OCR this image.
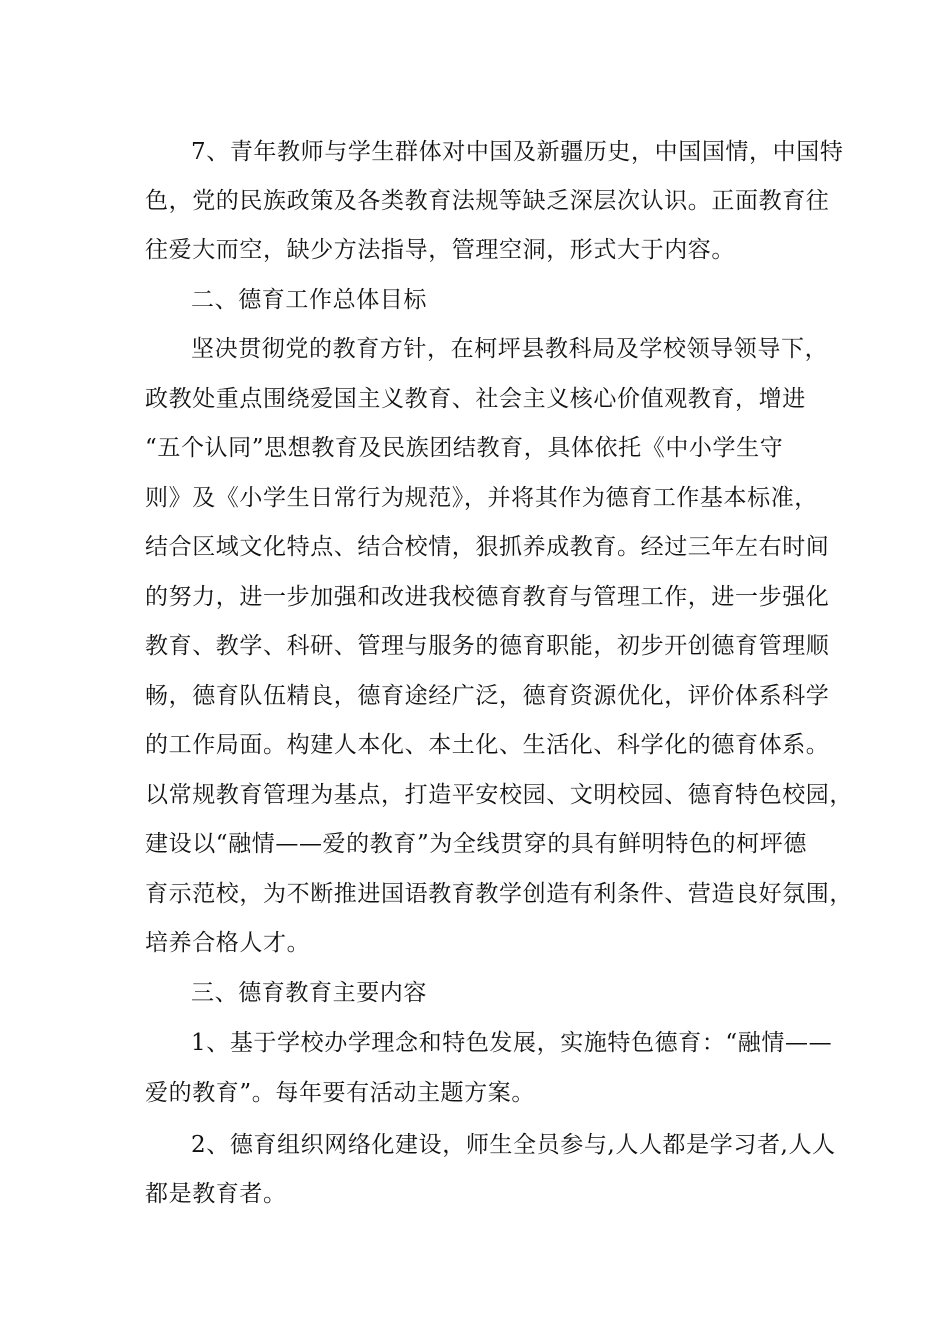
7、青年教师与学生群体对中国及新疆历史，中国国情，中国特
色，党的民族政策及各类教育法规等缺乏深层次认识。正面教育往
往爱大而空，缺少方法指导，管理空洞，形式大于内容。
二、德育工作总体目标
坚决贯彻党的教育方针，在柯坪县教科局及学校领导领导下，
政教处重点围绕爱国主义教育、社会主义核心价值观教育，增进
“五个认同”思想教育及民族团结教育，具体依托《中小学生守
则》及《小学生日常行为规范》，并将其作为德育工作基本标准，
结合区域文化特点、结合校情，狠抓养成教育。经过三年左右时间
的努力，进一步加强和改进我校德育教育与管理工作，进一步强化
教育、教学、科研、管理与服务的德育职能，初步开创德育管理顺
畅，德育队伍精良，德育途经广泛，德育资源优化，评价体系科学
的工作局面。构建人本化、本土化、生活化、科学化的德育体系。
以常规教育管理为基点，打造平安校园、文明校园、德育特色校园，
建设以“融情——爱的教育”为全线贯穿的具有鲜明特色的柯坪德
育示范校，为不断推进国语教育教学创造有利条件、营造良好氛围，
培养合格人才。
三、德育教育主要内容
1、基于学校办学理念和特色发展，实施特色德育：“融情——
爱的教育”。每年要有活动主题方案。
2、德育组织网络化建设，师生全员参与,人人都是学习者,人人
都是教育者。
